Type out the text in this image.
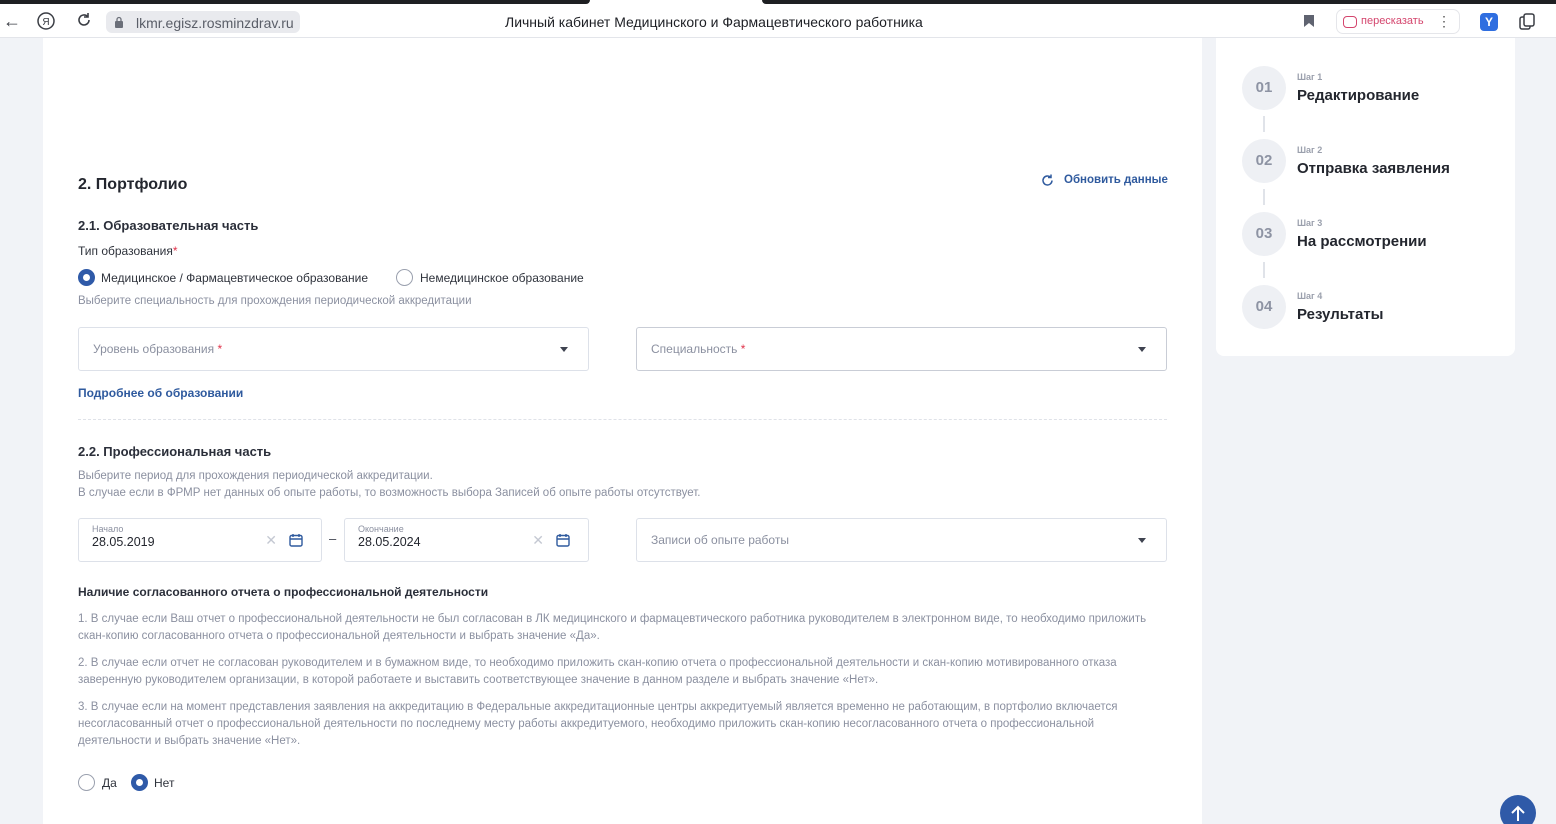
← Я	lkmr.egisz.rosminzdrav.ru	Личный кабинет Медицинского и Фармацевтического работника	пересказать ⋮	Y
2. Портфолио	Обновить данные
2.1. Образовательная часть
Тип образования*
Медицинское / Фармацевтическое образование	Немедицинское образование
Выберите специальность для прохождения периодической аккредитации
Уровень образования *	Специальность *
Подробнее об образовании
2.2. Профессиональная часть
Выберите период для прохождения периодической аккредитации.
В случае если в ФРМР нет данных об опыте работы, то возможность выбора Записей об опыте работы отсутствует.
Начало
28.05.2019	✕	–
Окончание
28.05.2024	✕	Записи об опыте работы
Наличие согласованного отчета о профессиональной деятельности
1. В случае если Ваш отчет о профессиональной деятельности не был согласован в ЛК медицинского и фармацевтического работника руководителем в электронном виде, то необходимо приложить скан-копию согласованного отчета о профессиональной деятельности и выбрать значение «Да».
2. В случае если отчет не согласован руководителем и в бумажном виде, то необходимо приложить скан-копию отчета о профессиональной деятельности и скан-копию мотивированного отказа заверенную руководителем организации, в которой работаете и выставить соответствующее значение в данном разделе и выбрать значение «Нет».
3. В случае если на момент представления заявления на аккредитацию в Федеральные аккредитационные центры аккредитуемый является временно не работающим, в портфолио включается несогласованный отчет о профессиональной деятельности по последнему месту работы аккредитуемого, необходимо приложить скан-копию несогласованного отчета о профессиональной деятельности и выбрать значение «Нет».
Да	Нет
01
Шаг 1
Редактирование
02
Шаг 2
Отправка заявления
03
Шаг 3
На рассмотрении
04
Шаг 4
Результаты
